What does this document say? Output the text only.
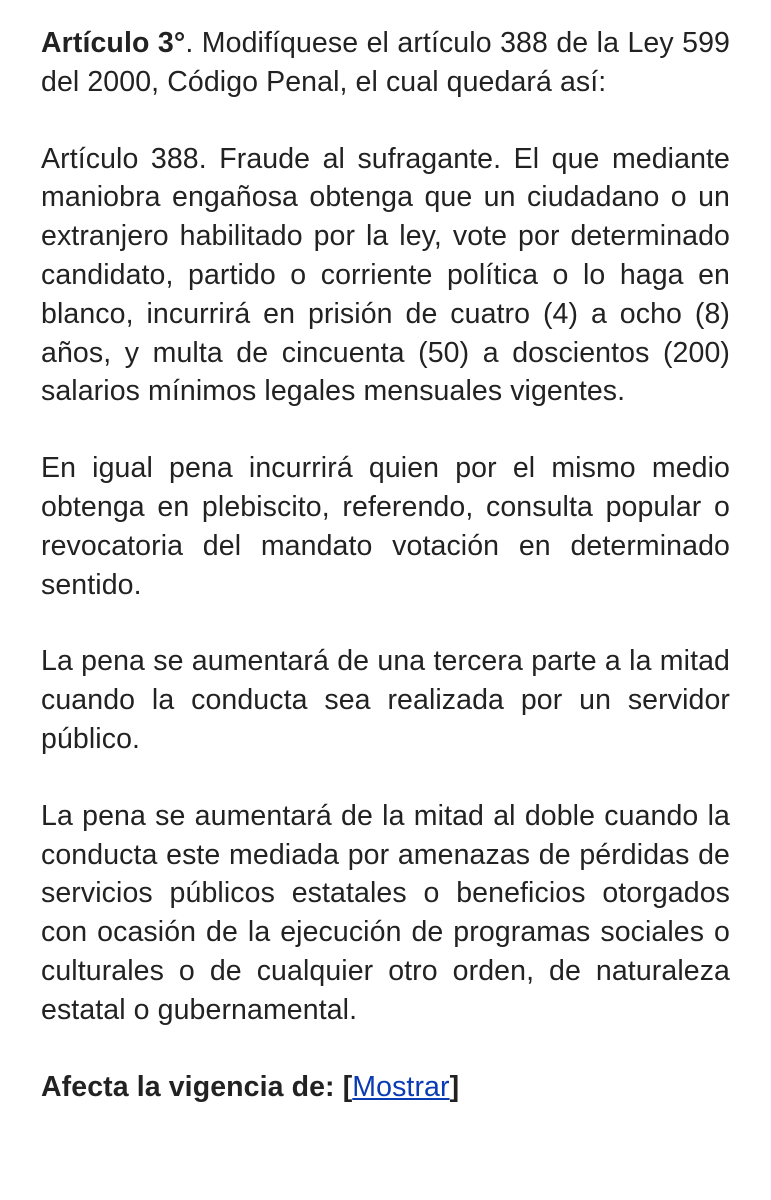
Artículo 3°. Modifíquese el artículo 388 de la Ley 599 del 2000, Código Penal, el cual quedará así:

Artículo 388. Fraude al sufragante. El que mediante maniobra engañosa obtenga que un ciudadano o un extranjero habilitado por la ley, vote por determinado candidato, partido o corriente política o lo haga en blanco, incurrirá en prisión de cuatro (4) a ocho (8) años, y multa de cincuenta (50) a doscientos (200) salarios mínimos legales mensuales vigentes.

En igual pena incurrirá quien por el mismo medio obtenga en plebiscito, referendo, consulta popular o revocatoria del mandato votación en determinado sentido.

La pena se aumentará de una tercera parte a la mitad cuando la conducta sea realizada por un servidor público.

La pena se aumentará de la mitad al doble cuando la conducta este mediada por amenazas de pérdidas de servicios públicos estatales o beneficios otorgados con ocasión de la ejecución de programas sociales o culturales o de cualquier otro orden, de naturaleza estatal o gubernamental.

Afecta la vigencia de: [Mostrar]
